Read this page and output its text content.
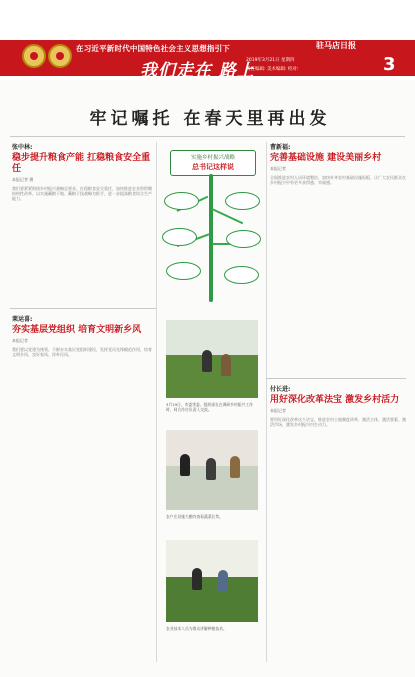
在习近平新时代中国特色社会主义思想指引下
我们走在 路上
驻马店日报
2019年3月21日 星期四
责任编辑: 美术编辑: 校对:	3
牢记嘱托 在春天里再出发
张中林:
稳步提升粮食产能 扛稳粮食安全重任
本报记者 摄
我们要紧紧围绕乡村振兴战略总要求，扛稳粮食安全重任，加快推进农业供给侧结构性改革，以实施藏粮于地、藏粮于技战略为抓手，进一步提高粮食综合生产能力。
实施乡村振兴战略
总书记这样说
曹新福:
完善基础设施 建设美丽乡村
本报记者
全面推进农村人居环境整治，加快补齐农村基础设施短板，让广大农民群众在乡村振兴中有更多获得感、幸福感。
莱运喜:
夯实基层党组织 培育文明新乡风
本报记者
我们要以党建为统领，不断夯实基层党组织建设，发挥党员先锋模范作用，培育文明乡风、良好家风、淳朴民风。
3月19日，市委常委、组织部长在调研乡村振兴工作时，同合作社负责人交流。
农户在设施大棚内查看蔬菜长势。
农业技术人员为群众讲解种植技术。
付长进:
用好深化改革法宝 激发乡村活力
本报记者
要用好深化改革这个法宝，推进农村土地制度改革，激活主体、激活要素、激活市场，激发乡村振兴内生动力。
